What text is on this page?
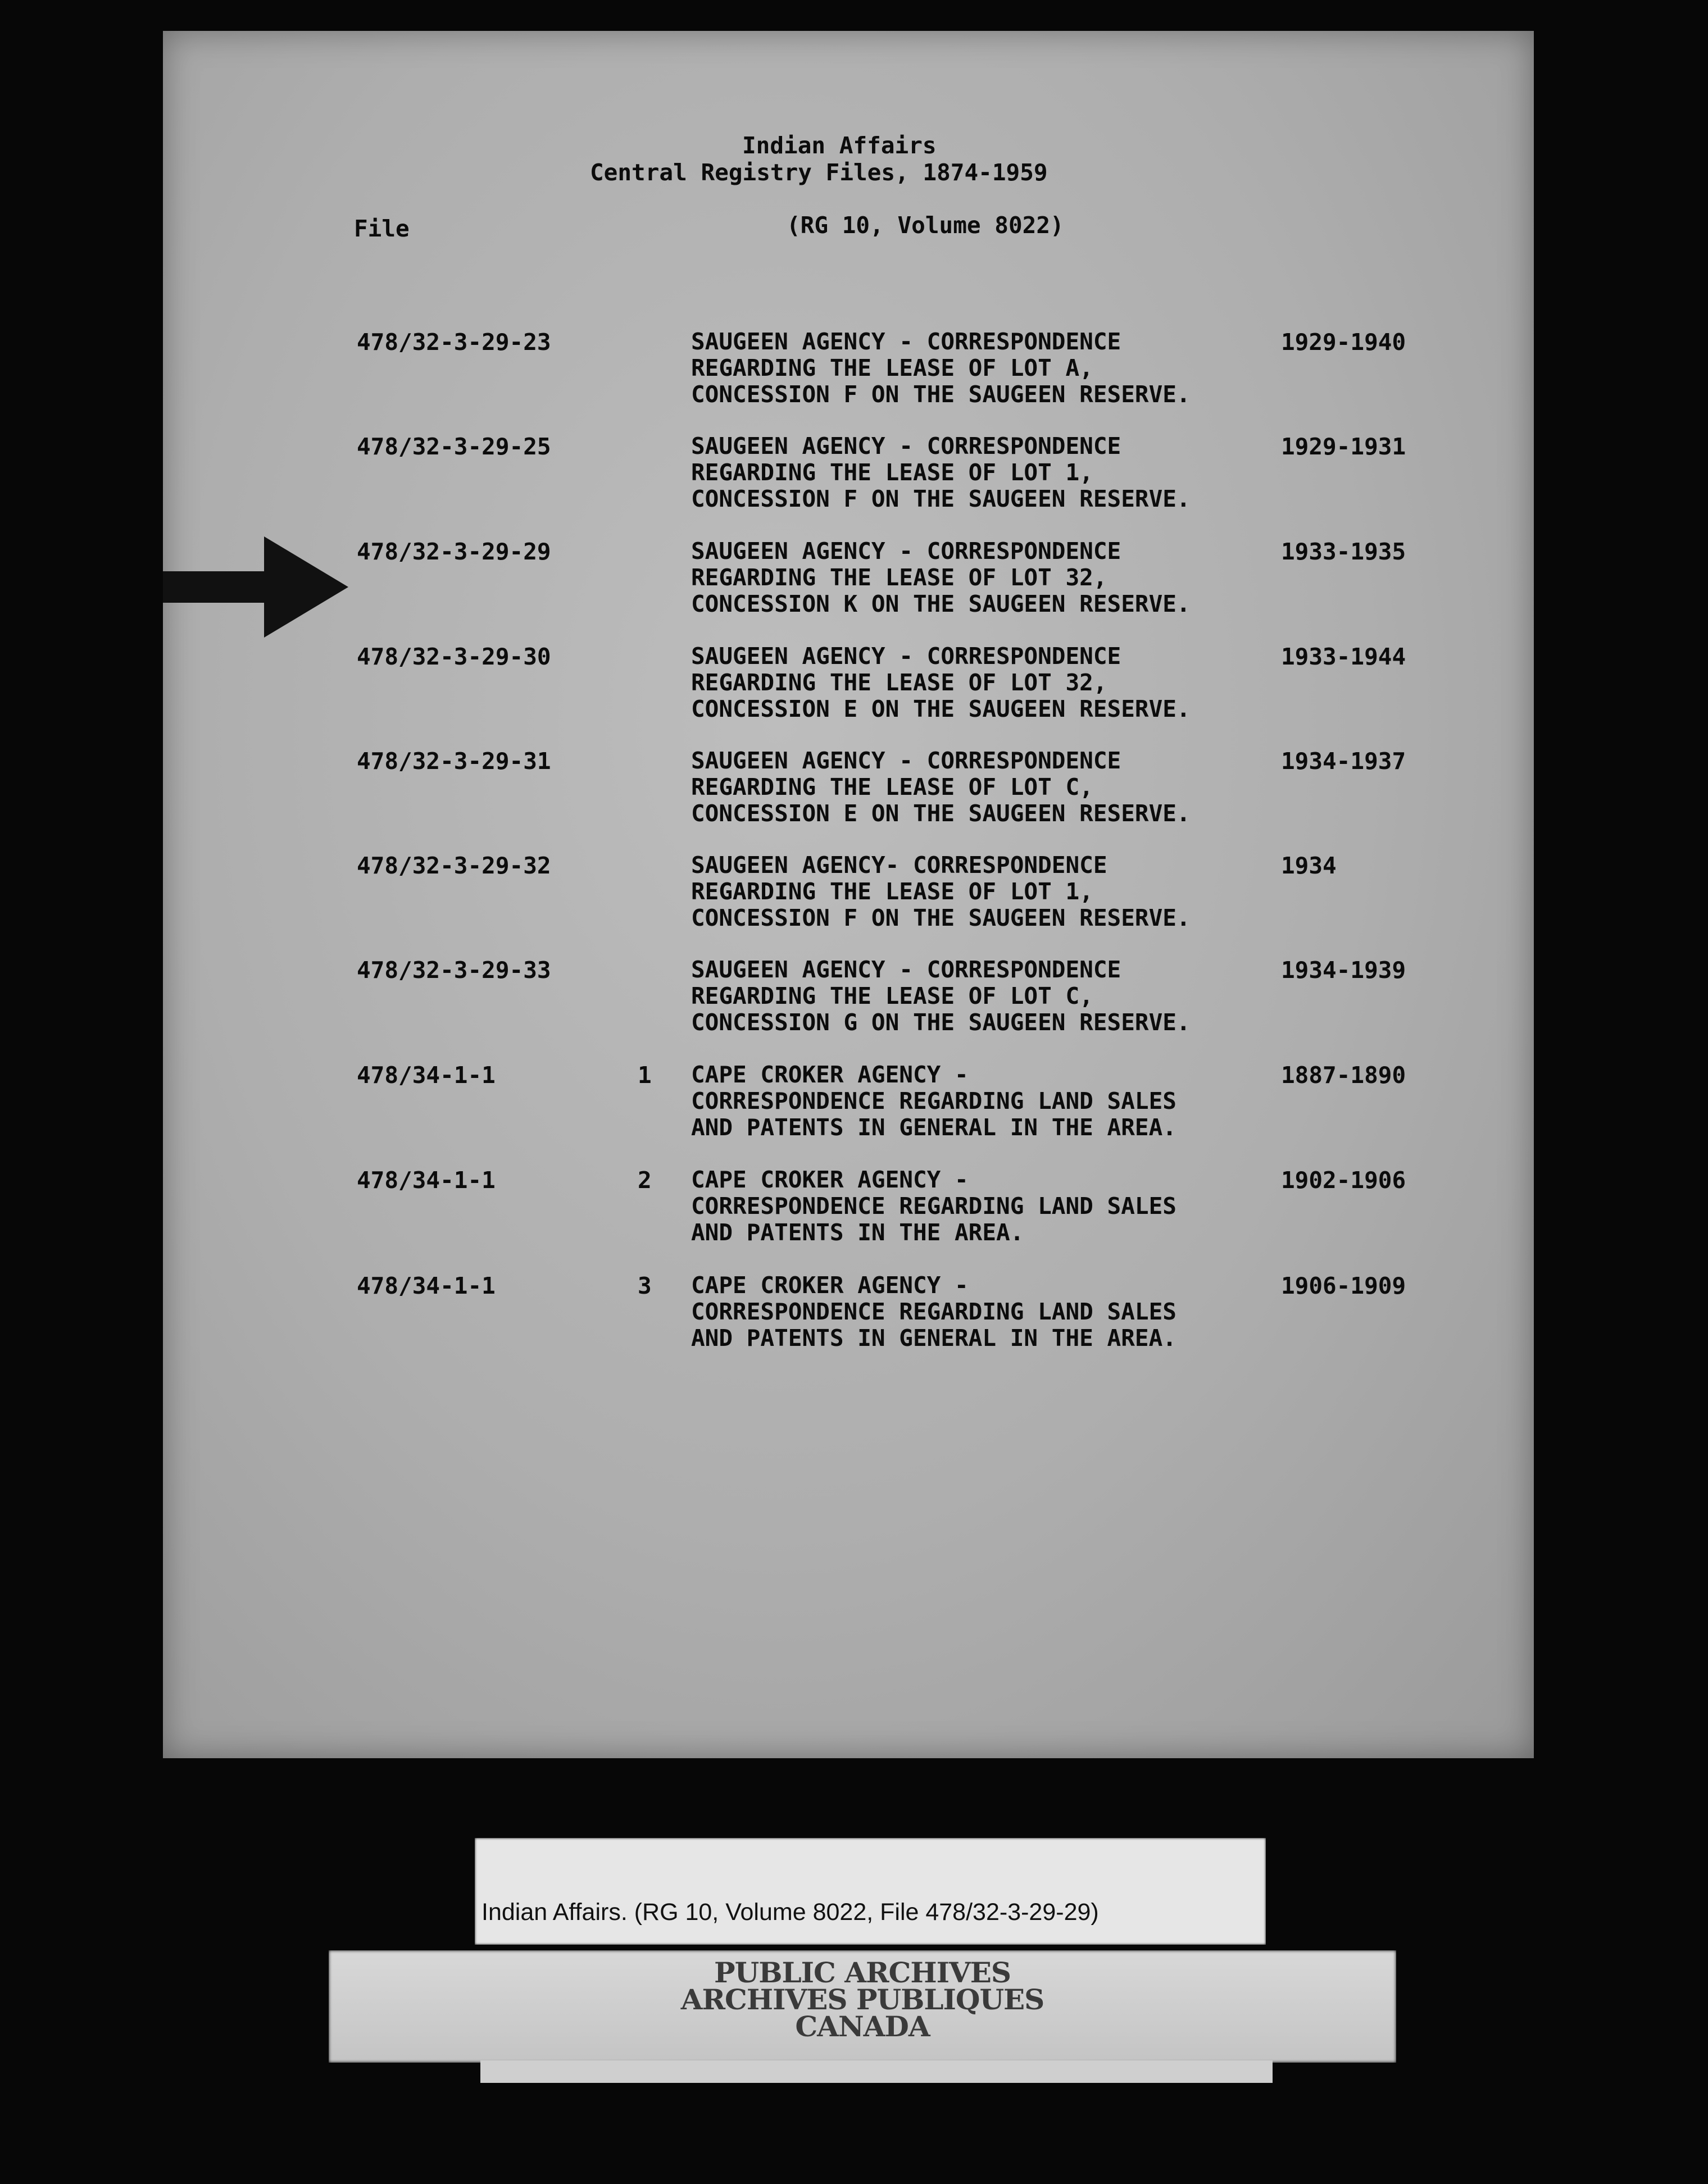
Indian Affairs
Central Registry Files, 1874-1959
File	(RG 10, Volume 8022)
478/32-3-29-23	SAUGEEN AGENCY - CORRESPONDENCE
REGARDING THE LEASE OF LOT A,
CONCESSION F ON THE SAUGEEN RESERVE.
1929-1940
478/32-3-29-25	SAUGEEN AGENCY - CORRESPONDENCE
REGARDING THE LEASE OF LOT 1,
CONCESSION F ON THE SAUGEEN RESERVE.
1929-1931
478/32-3-29-29	SAUGEEN AGENCY - CORRESPONDENCE
REGARDING THE LEASE OF LOT 32,
CONCESSION K ON THE SAUGEEN RESERVE.
1933-1935
478/32-3-29-30	SAUGEEN AGENCY - CORRESPONDENCE
REGARDING THE LEASE OF LOT 32,
CONCESSION E ON THE SAUGEEN RESERVE.
1933-1944
478/32-3-29-31	SAUGEEN AGENCY - CORRESPONDENCE
REGARDING THE LEASE OF LOT C,
CONCESSION E ON THE SAUGEEN RESERVE.
1934-1937
478/32-3-29-32	SAUGEEN AGENCY- CORRESPONDENCE
REGARDING THE LEASE OF LOT 1,
CONCESSION F ON THE SAUGEEN RESERVE.
1934
478/32-3-29-33	SAUGEEN AGENCY - CORRESPONDENCE
REGARDING THE LEASE OF LOT C,
CONCESSION G ON THE SAUGEEN RESERVE.
1934-1939
478/34-1-1	1 CAPE CROKER AGENCY -
CORRESPONDENCE REGARDING LAND SALES
AND PATENTS IN GENERAL IN THE AREA.
1887-1890
478/34-1-1	2 CAPE CROKER AGENCY -
CORRESPONDENCE REGARDING LAND SALES
AND PATENTS IN THE AREA.
1902-1906
478/34-1-1	3 CAPE CROKER AGENCY -
CORRESPONDENCE REGARDING LAND SALES
AND PATENTS IN GENERAL IN THE AREA.
1906-1909
Indian Affairs. (RG 10, Volume 8022, File 478/32-3-29-29)
PUBLIC ARCHIVES
ARCHIVES PUBLIQUES
CANADA
